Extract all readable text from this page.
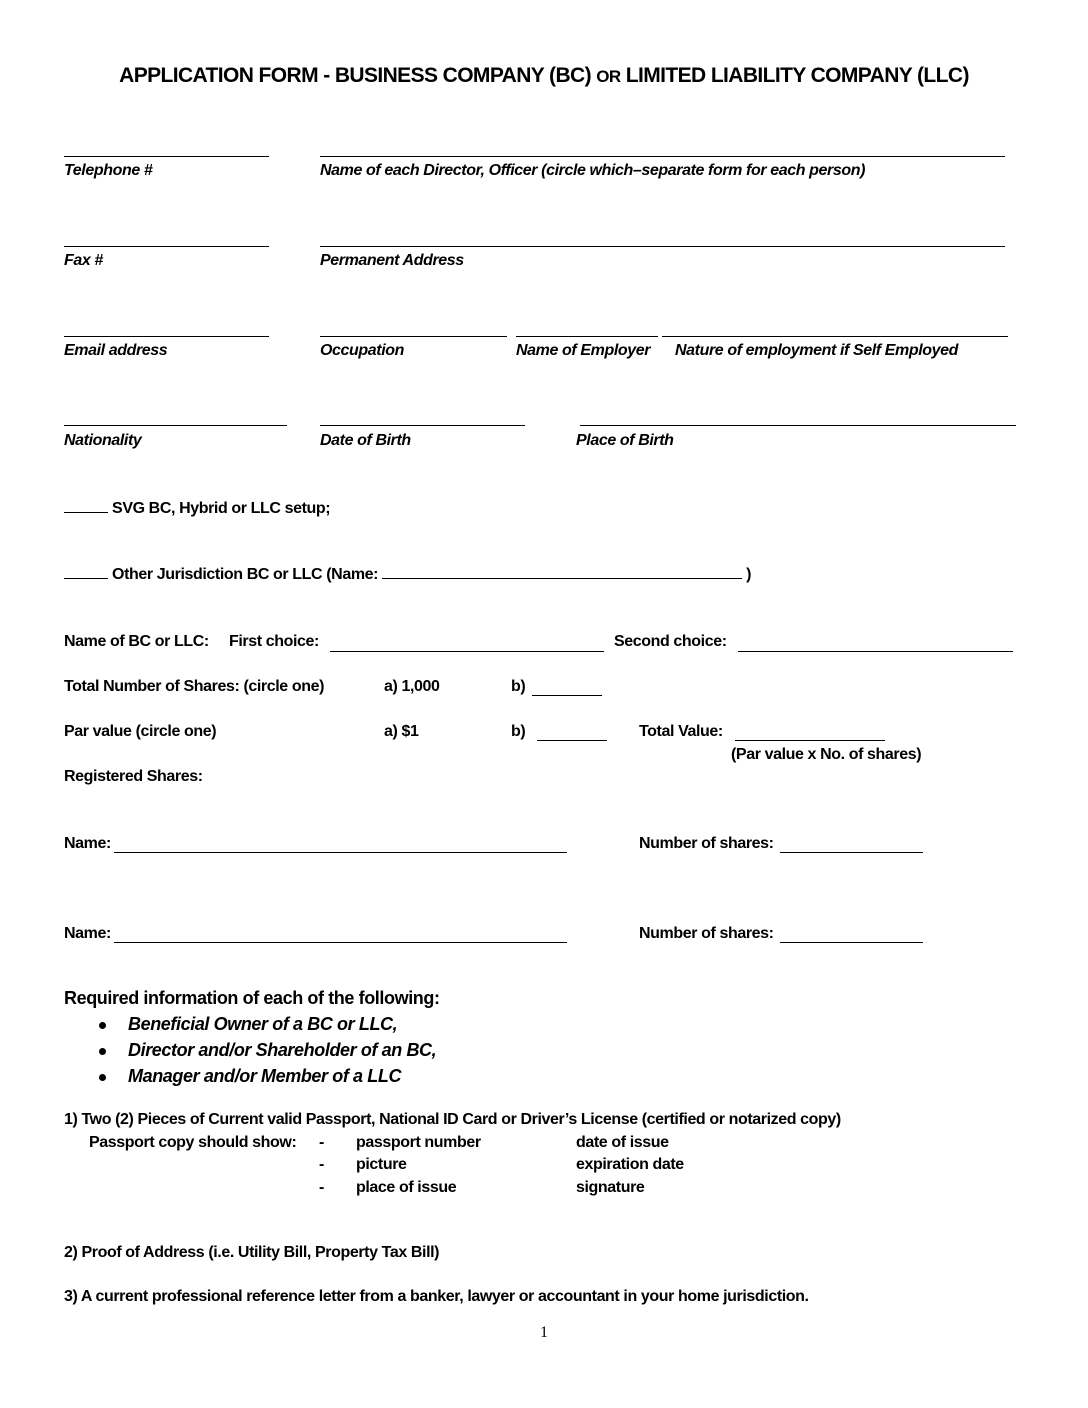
APPLICATION FORM - BUSINESS COMPANY (BC) OR LIMITED LIABILITY COMPANY (LLC)
Telephone #	Name of each Director, Officer (circle which–separate form for each person)
Fax #	Permanent Address
Email address	Occupation	Name of Employer Nature of employment if Self Employed
Nationality	Date of Birth	Place of Birth
SVG BC, Hybrid or LLC setup;
Other Jurisdiction BC or LLC (Name:	)
Name of BC or LLC: First choice:	Second choice:
Total Number of Shares: (circle one)	a) 1,000	b)
Par value (circle one)	a) $1	b)	Total Value:
(Par value x No. of shares)
Registered Shares:
Name:	Number of shares:
Name:	Number of shares:
Required information of each of the following:
Beneficial Owner of a BC or LLC,
Director and/or Shareholder of an BC,
Manager and/or Member of a LLC
1) Two (2) Pieces of Current valid Passport, National ID Card or Driver’s License (certified or notarized copy)
Passport copy should show: - passport number	date of issue
- picture	expiration date
- place of issue	signature
2) Proof of Address (i.e. Utility Bill, Property Tax Bill)
3) A current professional reference letter from a banker, lawyer or accountant in your home jurisdiction.
1
